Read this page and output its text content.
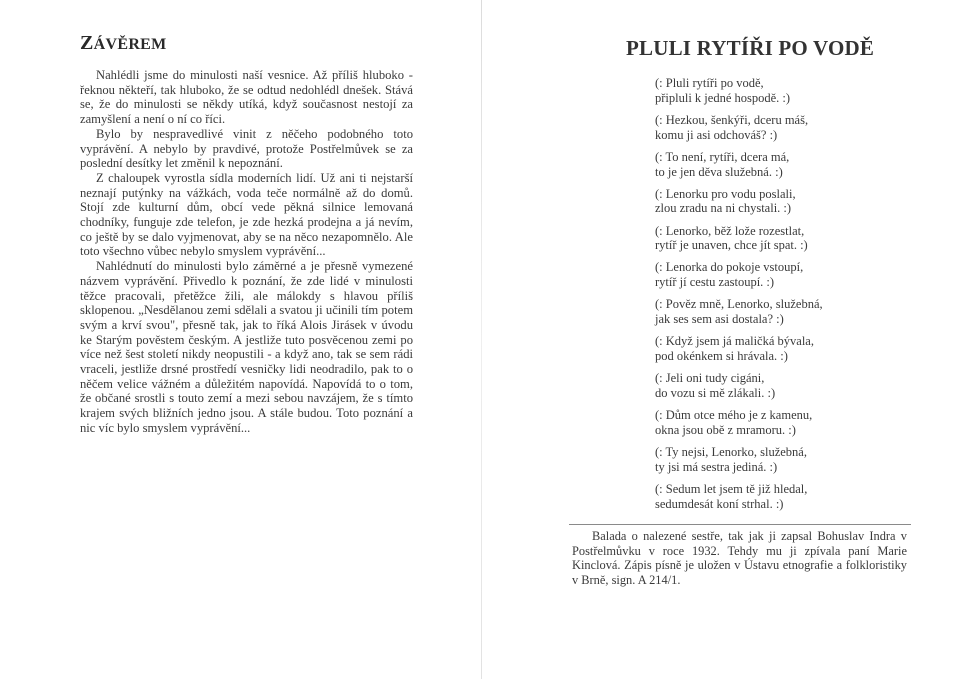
ZÁVĚREM

Nahlédli jsme do minulosti naší vesnice. Až příliš hluboko - řeknou někteří, tak hluboko, že se odtud nedohlédl dnešek. Stává se, že do minulosti se někdy utíká, když současnost nestojí za zamyšlení a není o ní co říci.

Bylo by nespravedlivé vinit z něčeho podobného toto vyprávění. A nebylo by pravdivé, protože Postřelmůvek se za poslední desítky let změnil k nepoznání.

Z chaloupek vyrostla sídla moderních lidí. Už ani ti nejstarší neznají putýnky na vážkách, voda teče normálně až do domů. Stojí zde kulturní dům, obcí vede pěkná silnice lemovaná chodníky, funguje zde telefon, je zde hezká prodejna a já nevím, co ještě by se dalo vyjmenovat, aby se na něco nezapomnělo. Ale toto všechno vůbec nebylo smyslem vyprávění...

Nahlédnutí do minulosti bylo záměrné a je přesně vymezené názvem vyprávění. Přivedlo k poznání, že zde lidé v minulosti těžce pracovali, přetěžce žili, ale málokdy s hlavou příliš sklopenou. „Nesdělanou zemi sdělali a svatou ji učinili tím potem svým a krví svou", přesně tak, jak to říká Alois Jirásek v úvodu ke Starým pověstem českým. A jestliže tuto posvěcenou zemi po více než šest století nikdy neopustili - a když ano, tak se sem rádi vraceli, jestliže drsné prostředí vesničky lidi neodradilo, pak to o něčem velice vážném a důležitém napovídá. Napovídá to o tom, že občané srostli s touto zemí a mezi sebou navzájem, že s tímto krajem svých bližních jedno jsou. A stále budou. Toto poznání a nic víc bylo smyslem vyprávění...

PLULI RYTÍŘI PO VODĚ
(: Pluli rytíři po vodě,
připluli k jedné hospodě. :)
(: Hezkou, šenkýři, dceru máš,
komu ji asi odchováš? :)
(: To není, rytíři, dcera má,
to je jen děva služebná. :)
(: Lenorku pro vodu poslali,
zlou zradu na ni chystali. :)
(: Lenorko, běž lože rozestlat,
rytíř je unaven, chce jít spat. :)
(: Lenorka do pokoje vstoupí,
rytíř jí cestu zastoupí. :)
(: Pověz mně, Lenorko, služebná,
jak ses sem asi dostala? :)
(: Když jsem já maličká bývala,
pod okénkem si hrávala. :)
(: Jeli oni tudy cigáni,
do vozu si mě zlákali. :)
(: Dům otce mého je z kamenu,
okna jsou obě z mramoru. :)
(: Ty nejsi, Lenorko, služebná,
ty jsi má sestra jediná. :)
(: Sedum let jsem tě již hledal,
sedumdesát koní strhal. :)

Balada o nalezené sestře, tak jak ji zapsal Bohuslav Indra v Postřelmůvku v roce 1932. Tehdy mu ji zpívala paní Marie Kinclová. Zápis písně je uložen v Ústavu etnografie a folkloristiky v Brně, sign. A 214/1.
